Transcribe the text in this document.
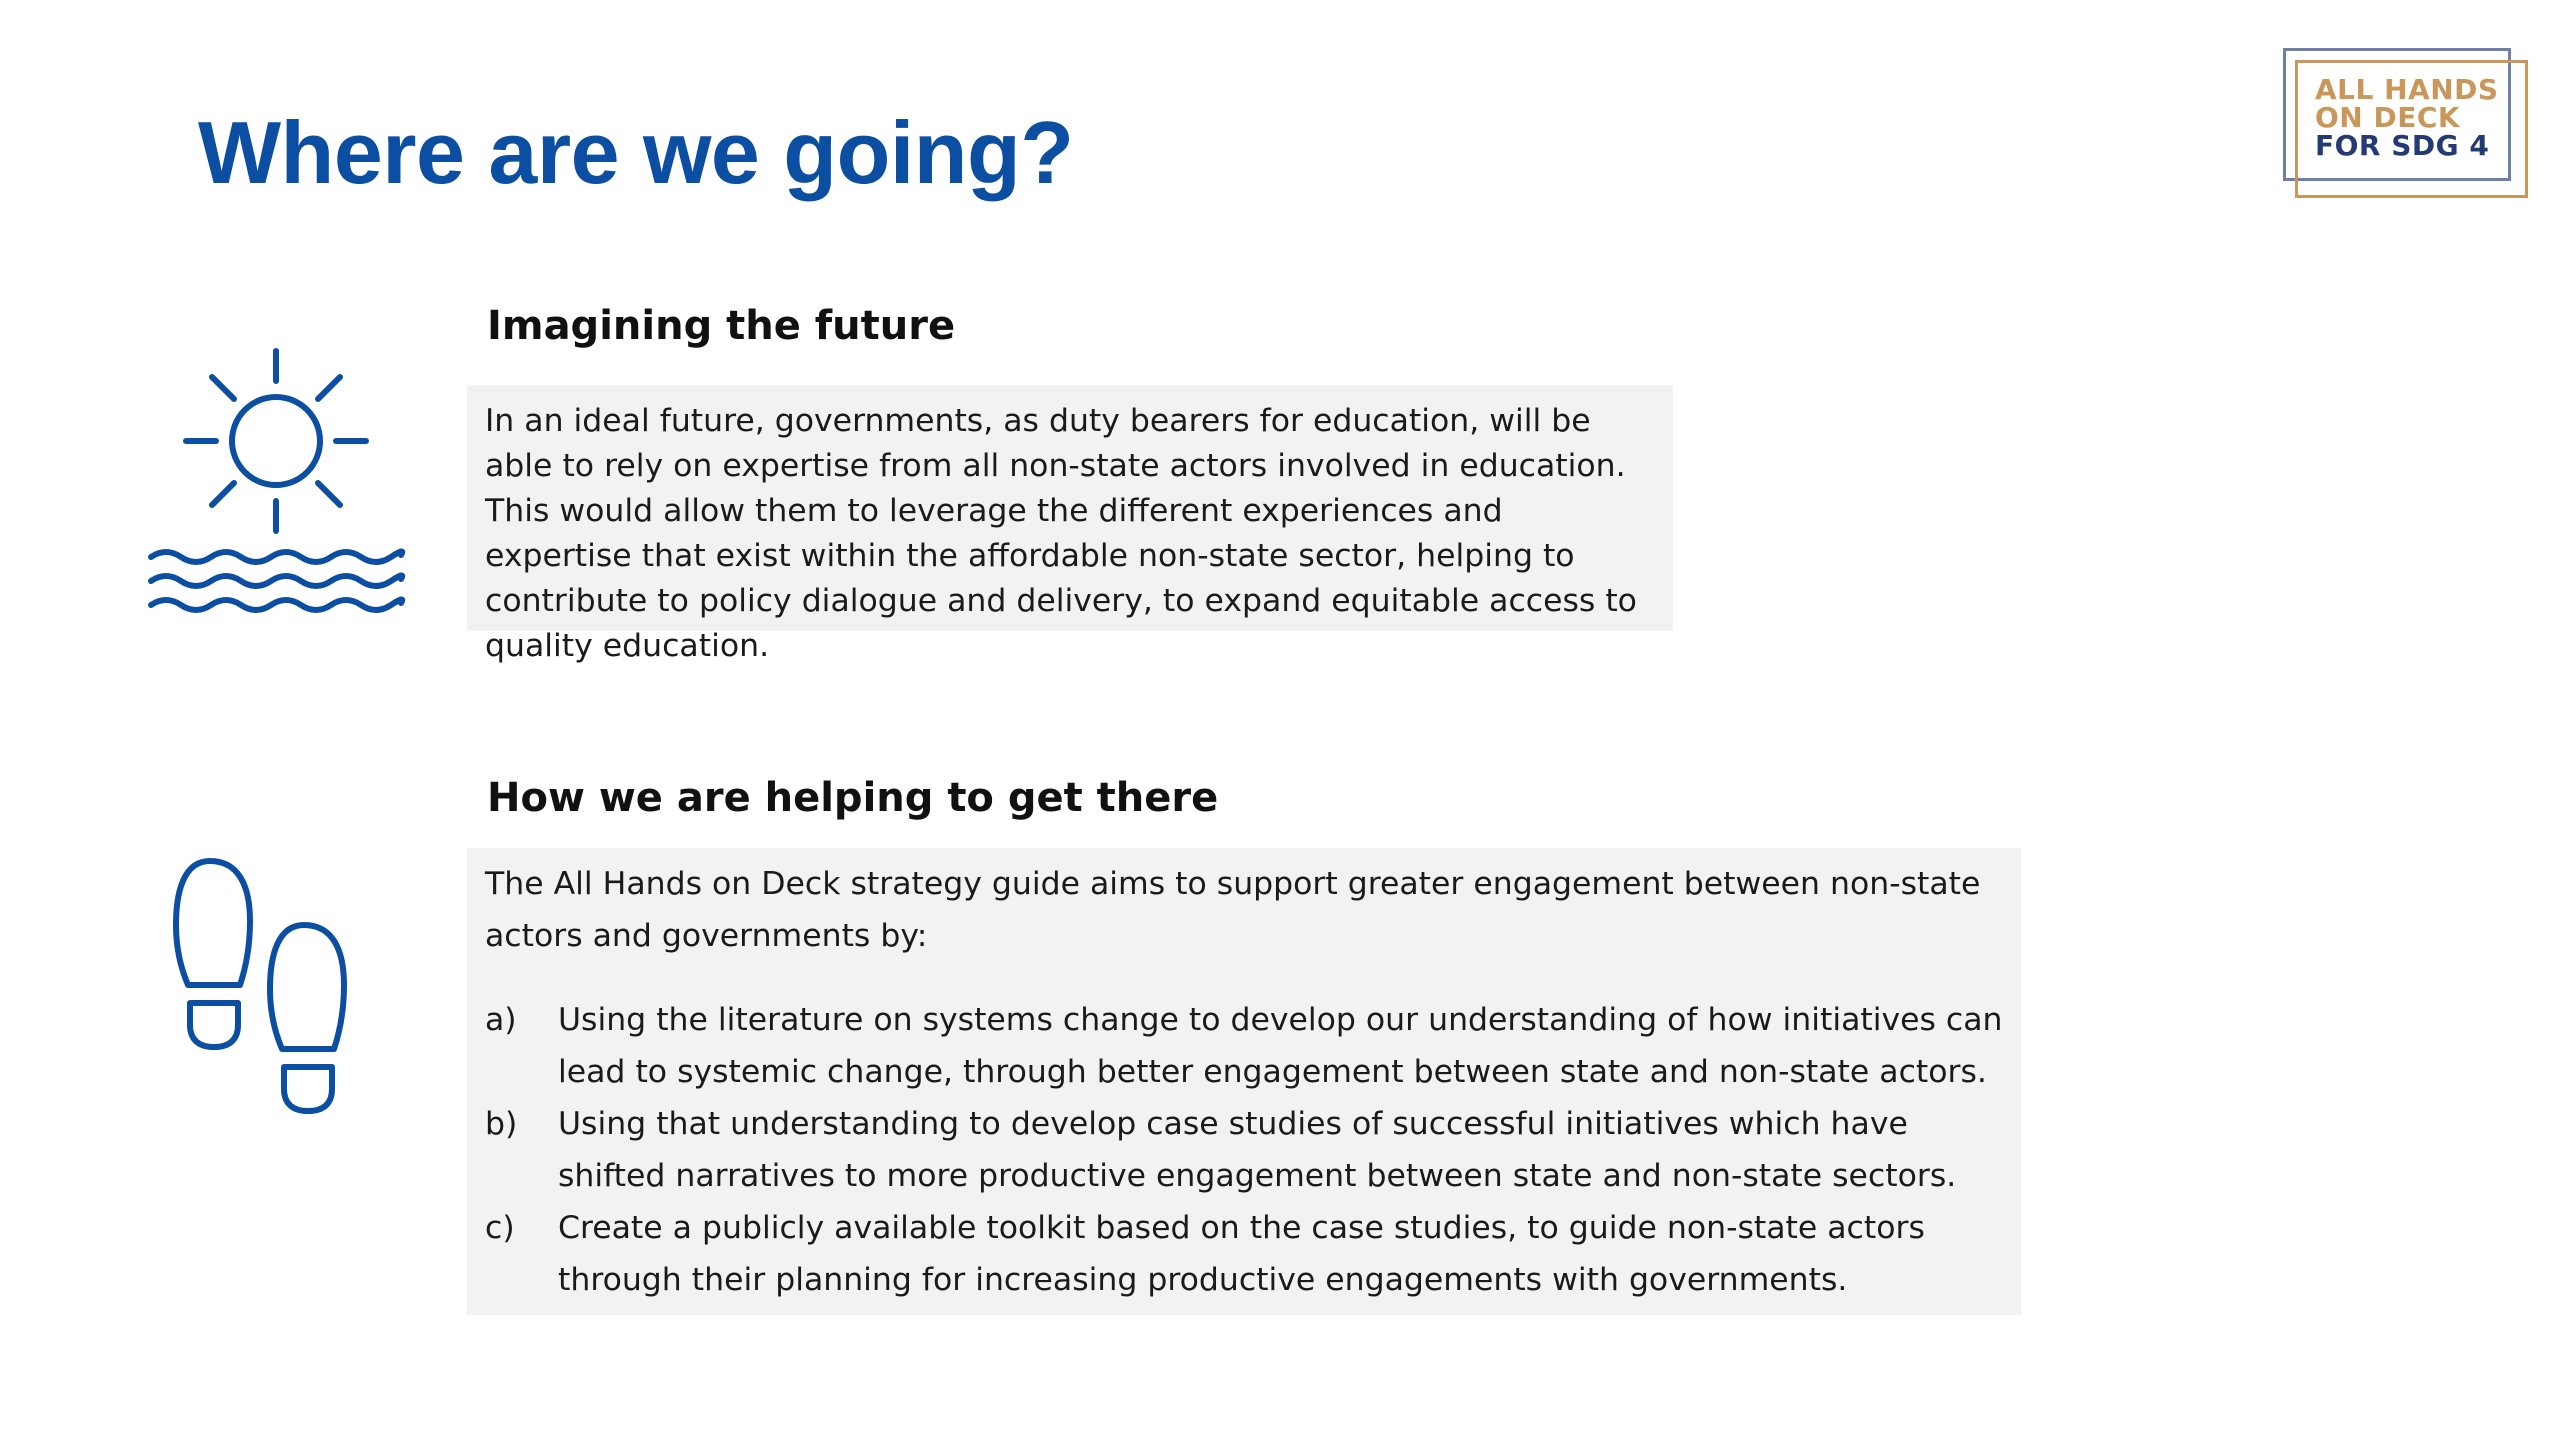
Where are we going?
ALL HANDS
ON DECK
FOR SDG 4
Imagining the future
In an ideal future, governments, as duty bearers for education, will be able to rely on expertise from all non-state actors involved in education. This would allow them to leverage the different experiences and expertise that exist within the affordable non-state sector, helping to contribute to policy dialogue and delivery, to expand equitable access to quality education.
How we are helping to get there

The All Hands on Deck strategy guide aims to support greater engagement between non-state actors and governments by:

a)	Using the literature on systems change to develop our understanding of how initiatives can lead to systemic change, through better engagement between state and non-state actors.
b)	Using that understanding to develop case studies of successful initiatives which have shifted narratives to more productive engagement between state and non-state sectors.
c)	Create a publicly available toolkit based on the case studies, to guide non-state actors through their planning for increasing productive engagements with governments.
